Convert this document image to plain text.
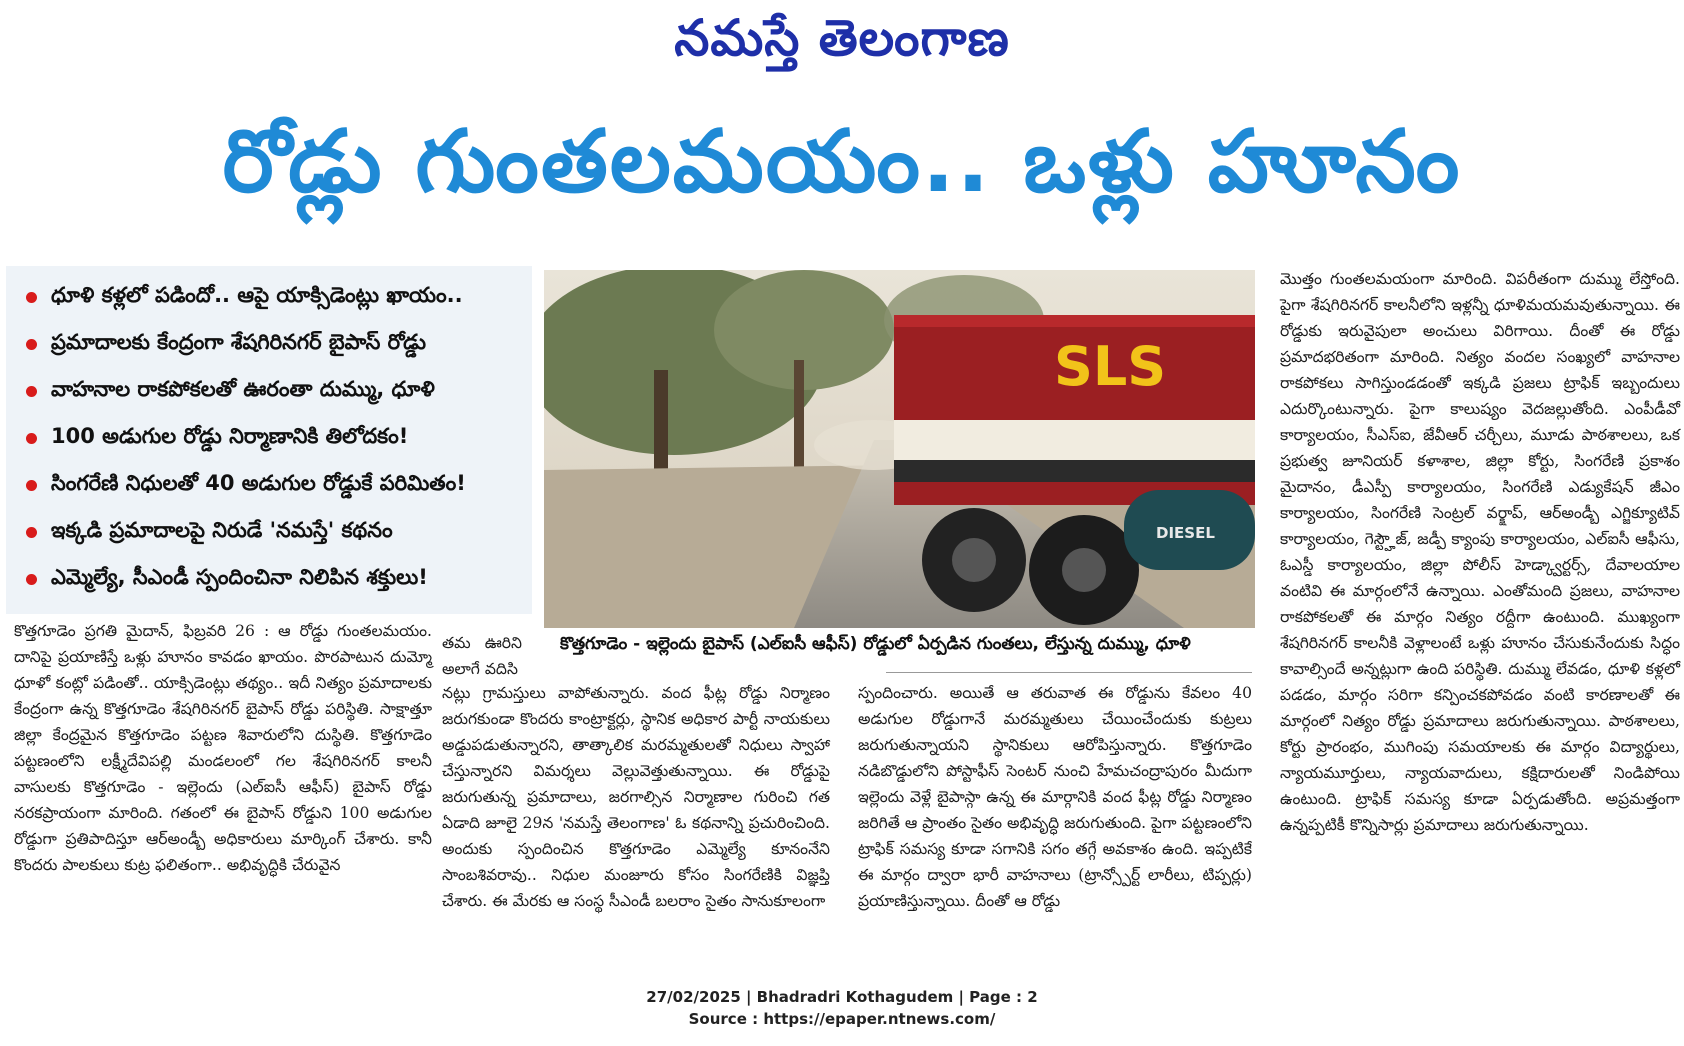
నమస్తే తెలంగాణ
రోడ్లు గుంతలమయం.. ఒళ్లు హూనం
ధూళి కళ్లలో పడిందో.. ఆపై యాక్సిడెంట్లు ఖాయం..
ప్రమాదాలకు కేంద్రంగా శేషగిరినగర్ బైపాస్ రోడ్డు
వాహనాల రాకపోకలతో ఊరంతా దుమ్ము, ధూళి
100 అడుగుల రోడ్డు నిర్మాణానికి తిలోదకం!
సింగరేణి నిధులతో 40 అడుగుల రోడ్డుకే పరిమితం!
ఇక్కడి ప్రమాదాలపై నిరుడే 'నమస్తే' కథనం
ఎమ్మెల్యే, సీఎండీ స్పందించినా నిలిపిన శక్తులు!
SLS
DIESEL
కొత్తగూడెం - ఇల్లెందు బైపాస్ (ఎల్ఐసీ ఆఫీస్) రోడ్డులో ఏర్పడిన గుంతలు, లేస్తున్న దుమ్ము, ధూళి

కొత్తగూడెం ప్రగతి మైదాన్, ఫిబ్రవరి 26 : ఆ రోడ్డు గుంతలమయం. దానిపై ప్రయాణిస్తే ఒళ్లు హూనం కావడం ఖాయం. పొరపాటున దుమ్మో ధూళో కంట్లో పడింతో.. యాక్సిడెంట్లు తథ్యం.. ఇదీ నిత్యం ప్రమాదాలకు కేంద్రంగా ఉన్న కొత్తగూడెం శేషగిరినగర్ బైపాస్ రోడ్డు పరిస్థితి. సాక్షాత్తూ జిల్లా కేంద్రమైన కొత్తగూడెం పట్టణ శివారులోని దుస్థితి. కొత్తగూడెం పట్టణంలోని లక్ష్మీదేవిపల్లి మండలంలో గల శేషగిరినగర్ కాలనీ వాసులకు కొత్తగూడెం - ఇల్లెందు (ఎల్ఐసీ ఆఫీస్) బైపాస్ రోడ్డు నరకప్రాయంగా మారింది. గతంలో ఈ బైపాస్ రోడ్డుని 100 అడుగుల రోడ్డుగా ప్రతిపాదిస్తూ ఆర్అండ్బీ అధికారులు మార్కింగ్ చేశారు. కానీ కొందరు పాలకులు కుట్ర ఫలితంగా.. అభివృద్ధికి చేరువైన

తమ ఊరిని అలాగే వదిసి

నట్లు గ్రామస్తులు వాపోతున్నారు. వంద ఫీట్ల రోడ్డు నిర్మాణం జరుగకుండా కొందరు కాంట్రాక్టర్లు, స్థానిక అధికార పార్టీ నాయకులు అడ్డుపడుతున్నారని, తాత్కాలిక మరమ్మతులతో నిధులు స్వాహా చేస్తున్నారని విమర్శలు వెల్లువెత్తుతున్నాయి. ఈ రోడ్డుపై జరుగుతున్న ప్రమాదాలు, జరగాల్సిన నిర్మాణాల గురించి గత ఏడాది జూలై 29న 'నమస్తే తెలంగాణ' ఓ కథనాన్ని ప్రచురించింది. అందుకు స్పందించిన కొత్తగూడెం ఎమ్మెల్యే కూనంనేని సాంబశివరావు.. నిధుల మంజూరు కోసం సింగరేణికి విజ్ఞప్తి చేశారు. ఈ మేరకు ఆ సంస్థ సీఎండీ బలరాం సైతం సానుకూలంగా

స్పందించారు. అయితే ఆ తరువాత ఈ రోడ్డును కేవలం 40 అడుగుల రోడ్డుగానే మరమ్మతులు చేయించేందుకు కుట్రలు జరుగుతున్నాయని స్థానికులు ఆరోపిస్తున్నారు. కొత్తగూడెం నడిబొడ్డులోని పోస్టాఫీస్ సెంటర్ నుంచి హేమచంద్రాపురం మీదుగా ఇల్లెందు వెళ్లే బైపాస్గా ఉన్న ఈ మార్గానికి వంద ఫీట్ల రోడ్డు నిర్మాణం జరిగితే ఆ ప్రాంతం సైతం అభివృద్ధి జరుగుతుంది. పైగా పట్టణంలోని ట్రాఫిక్ సమస్య కూడా సగానికి సగం తగ్గే అవకాశం ఉంది. ఇప్పటికే ఈ మార్గం ద్వారా భారీ వాహనాలు (ట్రాన్స్పోర్ట్ లారీలు, టిప్పర్లు) ప్రయాణిస్తున్నాయి. దీంతో ఆ రోడ్డు

మొత్తం గుంతలమయంగా మారింది. విపరీతంగా దుమ్ము లేస్తోంది. పైగా శేషగిరినగర్ కాలనీలోని ఇళ్లన్నీ ధూళిమయమవుతున్నాయి. ఈ రోడ్డుకు ఇరువైపులా అంచులు విరిగాయి. దీంతో ఈ రోడ్డు ప్రమాదభరితంగా మారింది. నిత్యం వందల సంఖ్యలో వాహనాల రాకపోకలు సాగిస్తుండడంతో ఇక్కడి ప్రజలు ట్రాఫిక్ ఇబ్బందులు ఎదుర్కొంటున్నారు. పైగా కాలుష్యం వెదజల్లుతోంది. ఎంపీడీవో కార్యాలయం, సీఎస్ఐ, జేవీఆర్ చర్చీలు, మూడు పాఠశాలలు, ఒక ప్రభుత్వ జూనియర్ కళాశాల, జిల్లా కోర్టు, సింగరేణి ప్రకాశం మైదానం, డీఎస్పీ కార్యాలయం, సింగరేణి ఎడ్యుకేషన్ జీఎం కార్యాలయం, సింగరేణి సెంట్రల్ వర్క్షాప్, ఆర్అండ్బీ ఎగ్జిక్యూటివ్ కార్యాలయం, గెస్ట్హౌజ్, జడ్పీ క్యాంపు కార్యాలయం, ఎల్ఐసీ ఆఫీసు, ఓఎస్డీ కార్యాలయం, జిల్లా పోలీస్ హెడ్క్వార్టర్స్, దేవాలయాల వంటివి ఈ మార్గంలోనే ఉన్నాయి. ఎంతోమంది ప్రజలు, వాహనాల రాకపోకలతో ఈ మార్గం నిత్యం రద్దీగా ఉంటుంది. ముఖ్యంగా శేషగిరినగర్ కాలనీకి వెళ్లాలంటే ఒళ్లు హూనం చేసుకునేందుకు సిద్ధం కావాల్సిందే అన్నట్లుగా ఉంది పరిస్థితి. దుమ్ము లేవడం, ధూళి కళ్లలో పడడం, మార్గం సరిగా కన్పించకపోవడం వంటి కారణాలతో ఈ మార్గంలో నిత్యం రోడ్డు ప్రమాదాలు జరుగుతున్నాయి. పాఠశాలలు, కోర్టు ప్రారంభం, ముగింపు సమయాలకు ఈ మార్గం విద్యార్థులు, న్యాయమూర్తులు, న్యాయవాదులు, కక్షిదారులతో నిండిపోయి ఉంటుంది. ట్రాఫిక్ సమస్య కూడా ఏర్పడుతోంది. అప్రమత్తంగా ఉన్నప్పటికీ కొన్నిసార్లు ప్రమాదాలు జరుగుతున్నాయి.

27/02/2025 | Bhadradri Kothagudem | Page : 2
Source : https://epaper.ntnews.com/
